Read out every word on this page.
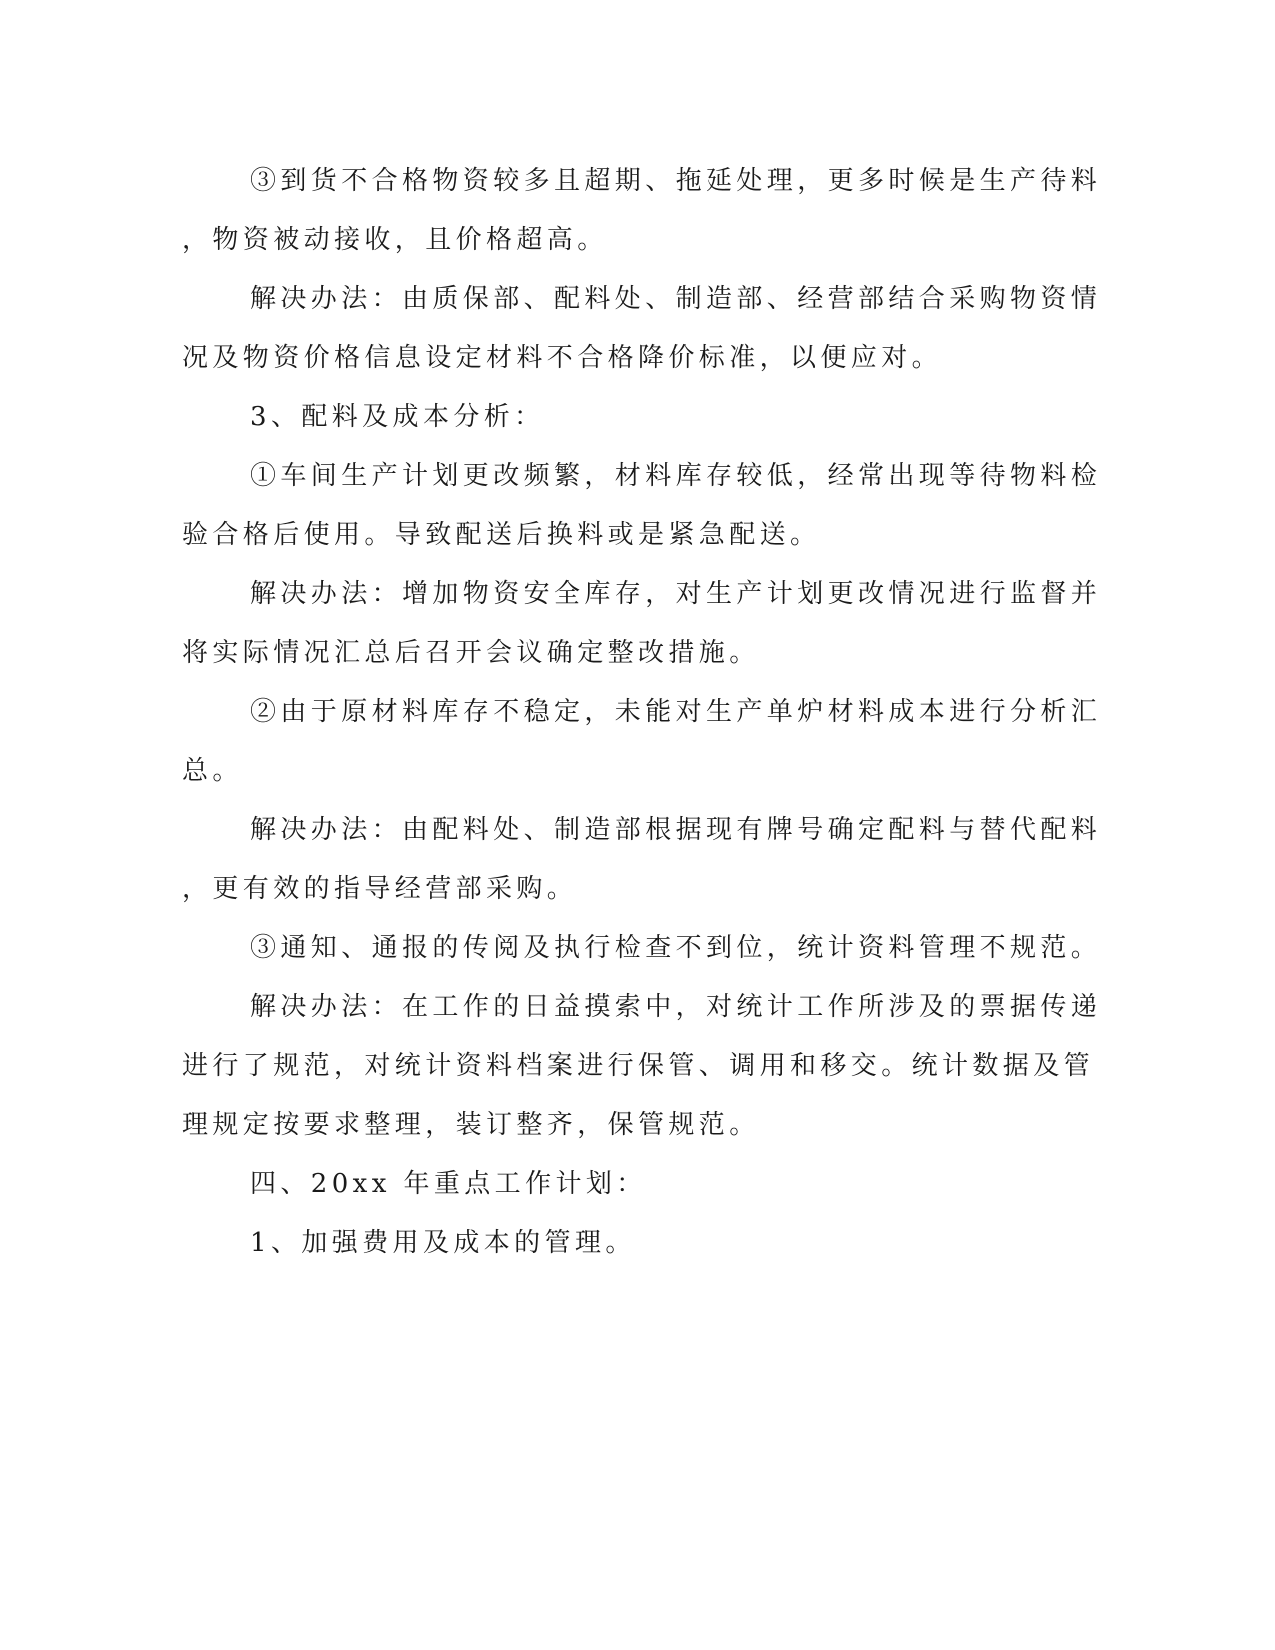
③到货不合格物资较多且超期、拖延处理，更多时候是生产待料

，物资被动接收，且价格超高。

解决办法：由质保部、配料处、制造部、经营部结合采购物资情

况及物资价格信息设定材料不合格降价标准，以便应对。

3、配料及成本分析：

①车间生产计划更改频繁，材料库存较低，经常出现等待物料检

验合格后使用。导致配送后换料或是紧急配送。

解决办法：增加物资安全库存，对生产计划更改情况进行监督并

将实际情况汇总后召开会议确定整改措施。

②由于原材料库存不稳定，未能对生产单炉材料成本进行分析汇

总。

解决办法：由配料处、制造部根据现有牌号确定配料与替代配料

，更有效的指导经营部采购。

③通知、通报的传阅及执行检查不到位，统计资料管理不规范。

解决办法：在工作的日益摸索中，对统计工作所涉及的票据传递

进行了规范，对统计资料档案进行保管、调用和移交。统计数据及管

理规定按要求整理，装订整齐，保管规范。

四、20xx 年重点工作计划：

1、加强费用及成本的管理。
